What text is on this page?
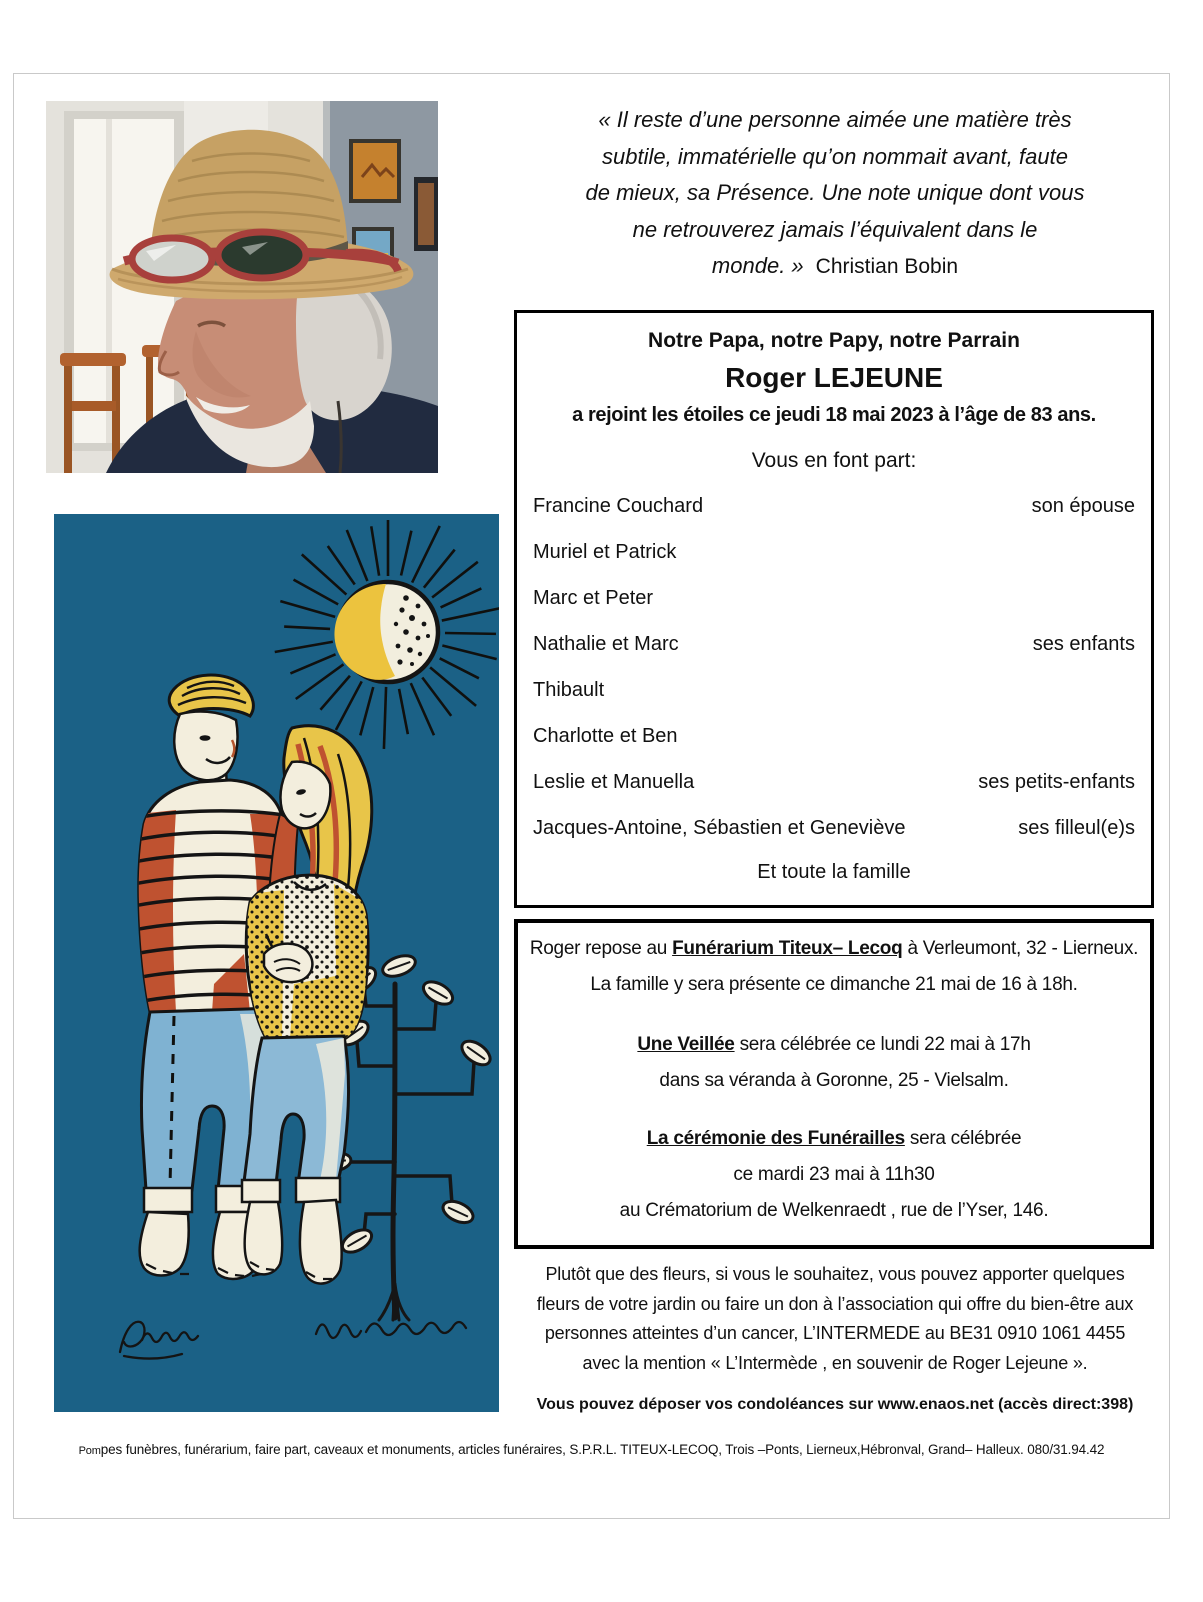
« Il reste d’une personne aimée une matière très
subtile, immatérielle qu’on nommait avant, faute
de mieux, sa Présence. Une note unique dont vous
ne retrouverez jamais l’équivalent dans le
monde. » Christian Bobin
Notre Papa, notre Papy, notre Parrain
Roger LEJEUNE
a rejoint les étoiles ce jeudi 18 mai 2023 à l’âge de 83 ans.
Vous en font part:
Francine Couchard	son épouse
Muriel et Patrick
Marc et Peter
Nathalie et Marc	ses enfants
Thibault
Charlotte et Ben
Leslie et Manuella	ses petits-enfants
Jacques-Antoine, Sébastien et Geneviève	ses filleul(e)s
Et toute la famille
Roger repose au Funérarium Titeux– Lecoq à Verleumont, 32 - Lierneux.
La famille y sera présente ce dimanche 21 mai de 16 à 18h.
Une Veillée sera célébrée ce lundi 22 mai à 17h
dans sa véranda à Goronne, 25 - Vielsalm.
La cérémonie des Funérailles sera célébrée
ce mardi 23 mai à 11h30
au Crématorium de Welkenraedt , rue de l’Yser, 146.
Plutôt que des fleurs, si vous le souhaitez, vous pouvez apporter quelques
fleurs de votre jardin ou faire un don à l’association qui offre du bien-être aux
personnes atteintes d’un cancer, L’INTERMEDE au BE31 0910 1061 4455
avec la mention « L’Intermède , en souvenir de Roger Lejeune ».
Vous pouvez déposer vos condoléances sur www.enaos.net (accès direct:398)
Pompes funèbres, funérarium, faire part, caveaux et monuments, articles funéraires, S.P.R.L. TITEUX-LECOQ, Trois –Ponts, Lierneux,Hébronval, Grand– Halleux. 080/31.94.42
